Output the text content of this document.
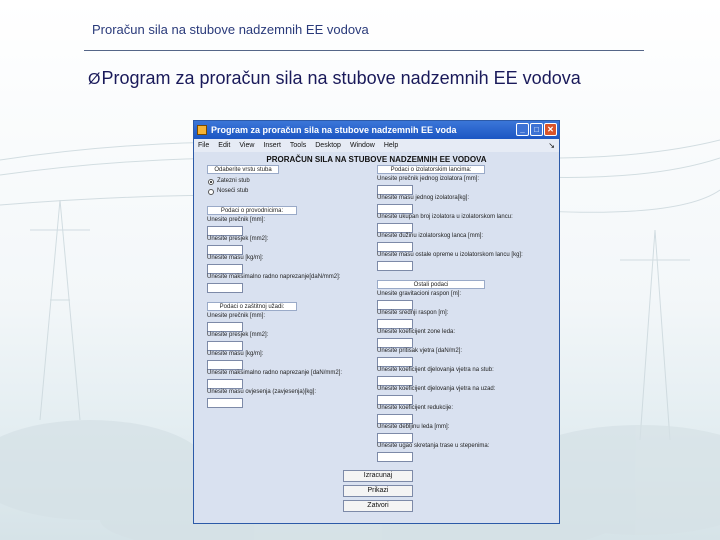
Proračun sila na stubove nadzemnih EE vodova
ØProgram za proračun sila na stubove nadzemnih EE vodova
Program za proračun sila na stubove nadzemnih EE voda	_	□	✕
File Edit View Insert Tools Desktop Window Help	↘
PRORAČUN SILA NA STUBOVE NADZEMNIH EE VODOVA
Odaberite vrstu stuba
Zatezni stub
Noseći stub
Podaci o provodnicima:
Unesite prečnik [mm]:
Unesite presjek [mm2]:
Unesite masu [kg/m]:
Unesite maksimalno radno naprezanje[daN/mm2]:
Podaci o zaštitnoj užadi:
Unesite prečnik [mm]:
Unesite presjek [mm2]:
Unesite masu [kg/m]:
Unesite maksimalno radno naprezanje [daN/mm2]:
Unesite masu ovjesenja (zavjesenja)[kg]:
Podaci o izolatorskim lancima:
Unesite prečnik jednog izolatora [mm]:
Unesite masu jednog izolatora[kg]:
Unesite ukupan broj izolatora u izolatorskom lancu:
Unesite dužinu izolatorskog lanca [mm]:
Unesite masu ostale opreme u izolatorskom lancu [kg]:
Ostali podaci
Unesite gravitacioni raspon [m]:
Unesite srednji raspon [m]:
Unesite koeficijent zone leda:
Unesite pritisak vjetra [daN/m2]:
Unesite koeficijent djelovanja vjetra na stub:
Unesite koeficijent djelovanja vjetra na uzad:
Unesite koeficijent redukcije:
Unesite debljinu leda [mm]:
Unesite ugao skretanja trase u stepenima:
Izracunaj
Prikazi
Zatvori
